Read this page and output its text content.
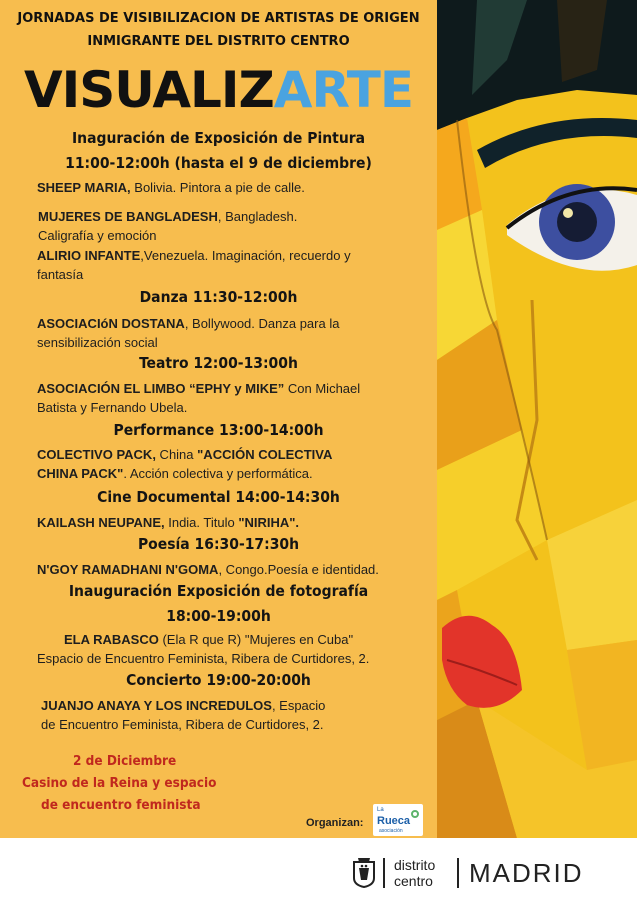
JORNADAS DE VISIBILIZACION DE ARTISTAS DE ORIGEN
INMIGRANTE DEL DISTRITO CENTRO
VISUALIZARTE
Inaguración de Exposición de Pintura
11:00-12:00h (hasta el 9 de diciembre)
SHEEP MARIA, Bolivia. Pintora a pie de calle.
MUJERES DE BANGLADESH, Bangladesh.
Caligrafía y emoción
ALIRIO INFANTE,Venezuela. Imaginación, recuerdo y
fantasía
Danza 11:30-12:00h
ASOCIACIóN DOSTANA, Bollywood. Danza para la
sensibilización social
Teatro 12:00-13:00h
ASOCIACIÓN EL LIMBO “EPHY y MIKE” Con Michael
Batista y Fernando Ubela.
Performance 13:00-14:00h
COLECTIVO PACK, China "ACCIÓN COLECTIVA
CHINA PACK". Acción colectiva y performática.
Cine Documental 14:00-14:30h
KAILASH NEUPANE, India. Titulo "NIRIHA".
Poesía 16:30-17:30h
N'GOY RAMADHANI N'GOMA, Congo.Poesía e identidad.
Inauguración Exposición de fotografía
18:00-19:00h
ELA RABASCO (Ela R que R) "Mujeres en Cuba"
Espacio de Encuentro Feminista, Ribera de Curtidores, 2.
Concierto 19:00-20:00h
JUANJO ANAYA Y LOS INCREDULOS, Espacio
de Encuentro Feminista, Ribera de Curtidores, 2.
2 de Diciembre
Casino de la Reina y espacio
de encuentro feminista
Organizan:
La
Rueca
asociación
distrito
centro MADRID
